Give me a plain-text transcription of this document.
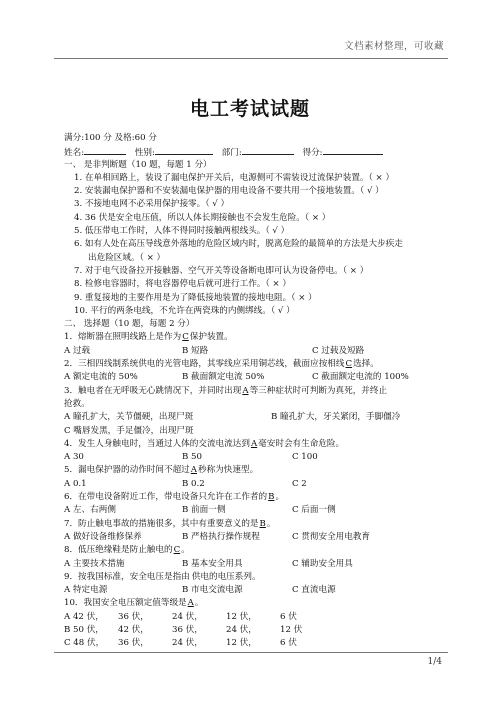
文档素材整理，可收藏
电工考试试题
满分:100 分 及格:60 分
姓名:	性别:	部门:	得分:
一、 是非判断题（10 题，每题 1 分）
1. 在单相回路上，装设了漏电保护开关后，电源侧可不需装设过流保护装置。（ × ）
2. 安装漏电保护器和不安装漏电保护器的用电设备不要共用一个接地装置。（ √ ）
3. 不接地电网不必采用保护接零。（ √ ）
4. 36 伏是安全电压值，所以人体长期接触也不会发生危险。（ × ）
5. 低压带电工作时，人体不得同时接触两根线头。（ √ ）
6. 如有人处在高压导线意外落地的危险区域内时，脱离危险的最简单的方法是大步疾走
出危险区域。（ × ）
7. 对于电气设备拉开接触器、空气开关等设备断电即可认为设备停电。（ × ）
8. 检修电容器时，将电容器停电后就可进行工作。（ × ）
9. 重复接地的主要作用是为了降低接地装置的接地电阻。（ × ）
10. 平行的两条电线，不允许在两瓷珠的内侧绑线。（ √ ）
二、 选择题（10 题，每题 2 分）
1．熔断器在照明线路上是作为C保护装置。
A 过载	B 短路	C 过载及短路
2．三相四线制系统供电的光管电路，其零线应采用铜芯线，截面应按相线C选择。
A 额定电流的 50%	B 截面额定电流 50%	C 截面额定电流的 100%
3．触电者在无呼吸无心跳情况下，并同时出现A等三种症状时可判断为真死，并终止
抢救。
A 瞳孔扩大，关节僵硬，出现尸斑	B 瞳孔扩大，牙关紧闭，手脚僵冷
C 嘴唇发黑，手足僵冷，出现尸斑
4．发生人身触电时，当通过人体的交流电流达到A毫安时会有生命危险。
A 30	B 50	C 100
5．漏电保护器的动作时间不超过A秒称为快速型。
A 0.1	B 0.2	C 2
6．在带电设备附近工作，带电设备只允许在工作者的B。
A 左、右两侧	B 前面一侧	C 后面一侧
7．防止触电事故的措施很多，其中有重要意义的是B。
A 做好设备维修保养	B 严格执行操作规程	C 贯彻安全用电教育
8．低压绝缘鞋是防止触电的C。
A 主要技术措施	B 基本安全用具	C 辅助安全用具
9．按我国标准，安全电压是指由 供电的电压系列。
A 特定电源	B 市电交流电源	C 直流电源
10．我国安全电压额定值等级是A。
A 42 伏， 36 伏，	24 伏，	12 伏，	6 伏
B 50 伏， 42 伏，	36 伏，	24 伏，	12 伏
C 48 伏， 36 伏，	24 伏，	12 伏，	6 伏
1/4
